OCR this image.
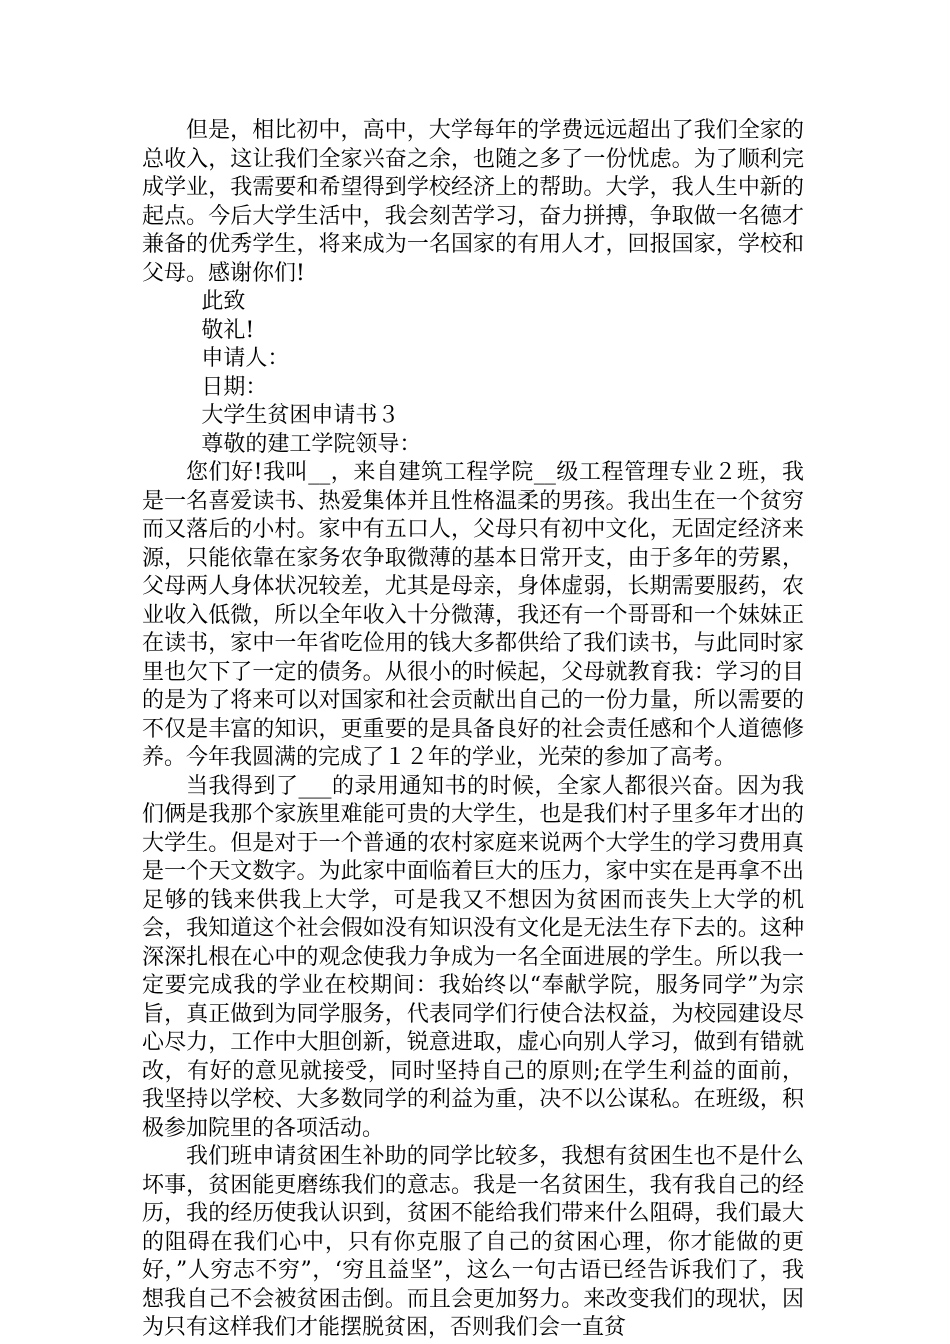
但是，相比初中，高中，大学每年的学费远远超出了我们全家的总收入，这让我们全家兴奋之余，也随之多了一份忧虑。为了顺利完成学业，我需要和希望得到学校经济上的帮助。大学，我人生中新的起点。今后大学生活中，我会刻苦学习，奋力拼搏，争取做一名德才兼备的优秀学生，将来成为一名国家的有用人才，回报国家，学校和父母。感谢你们!

此致

敬礼!

申请人：

日期：

大学生贫困申请书３

尊敬的建工学院领导：

您们好!我叫__，来自建筑工程学院__级工程管理专业２班，我是一名喜爱读书、热爱集体并且性格温柔的男孩。我出生在一个贫穷而又落后的小村。家中有五口人，父母只有初中文化，无固定经济来源，只能依靠在家务农争取微薄的基本日常开支，由于多年的劳累，父母两人身体状况较差，尤其是母亲，身体虚弱，长期需要服药，农业收入低微，所以全年收入十分微薄，我还有一个哥哥和一个妹妹正在读书，家中一年省吃俭用的钱大多都供给了我们读书，与此同时家里也欠下了一定的债务。从很小的时候起，父母就教育我：学习的目的是为了将来可以对国家和社会贡献出自己的一份力量，所以需要的不仅是丰富的知识，更重要的是具备良好的社会责任感和个人道德修养。今年我圆满的完成了１２年的学业，光荣的参加了高考。

当我得到了___的录用通知书的时候，全家人都很兴奋。因为我们俩是我那个家族里难能可贵的大学生，也是我们村子里多年才出的大学生。但是对于一个普通的农村家庭来说两个大学生的学习费用真是一个天文数字。为此家中面临着巨大的压力，家中实在是再拿不出足够的钱来供我上大学，可是我又不想因为贫困而丧失上大学的机会，我知道这个社会假如没有知识没有文化是无法生存下去的。这种深深扎根在心中的观念使我力争成为一名全面进展的学生。所以我一定要完成我的学业在校期间：我始终以“奉献学院，服务同学”为宗旨，真正做到为同学服务，代表同学们行使合法权益，为校园建设尽心尽力，工作中大胆创新，锐意进取，虚心向别人学习，做到有错就改，有好的意见就接受，同时坚持自己的原则;在学生利益的面前，我坚持以学校、大多数同学的利益为重，决不以公谋私。在班级，积极参加院里的各项活动。

我们班申请贫困生补助的同学比较多，我想有贫困生也不是什么坏事，贫困能更磨练我们的意志。我是一名贫困生，我有我自己的经历，我的经历使我认识到，贫困不能给我们带来什么阻碍，我们最大的阻碍在我们心中，只有你克服了自己的贫困心理，你才能做的更好，”人穷志不穷”，‘穷且益坚”，这么一句古语已经告诉我们了，我想我自己不会被贫困击倒。而且会更加努力。来改变我们的现状，因为只有这样我们才能摆脱贫困，否则我们会一直贫
